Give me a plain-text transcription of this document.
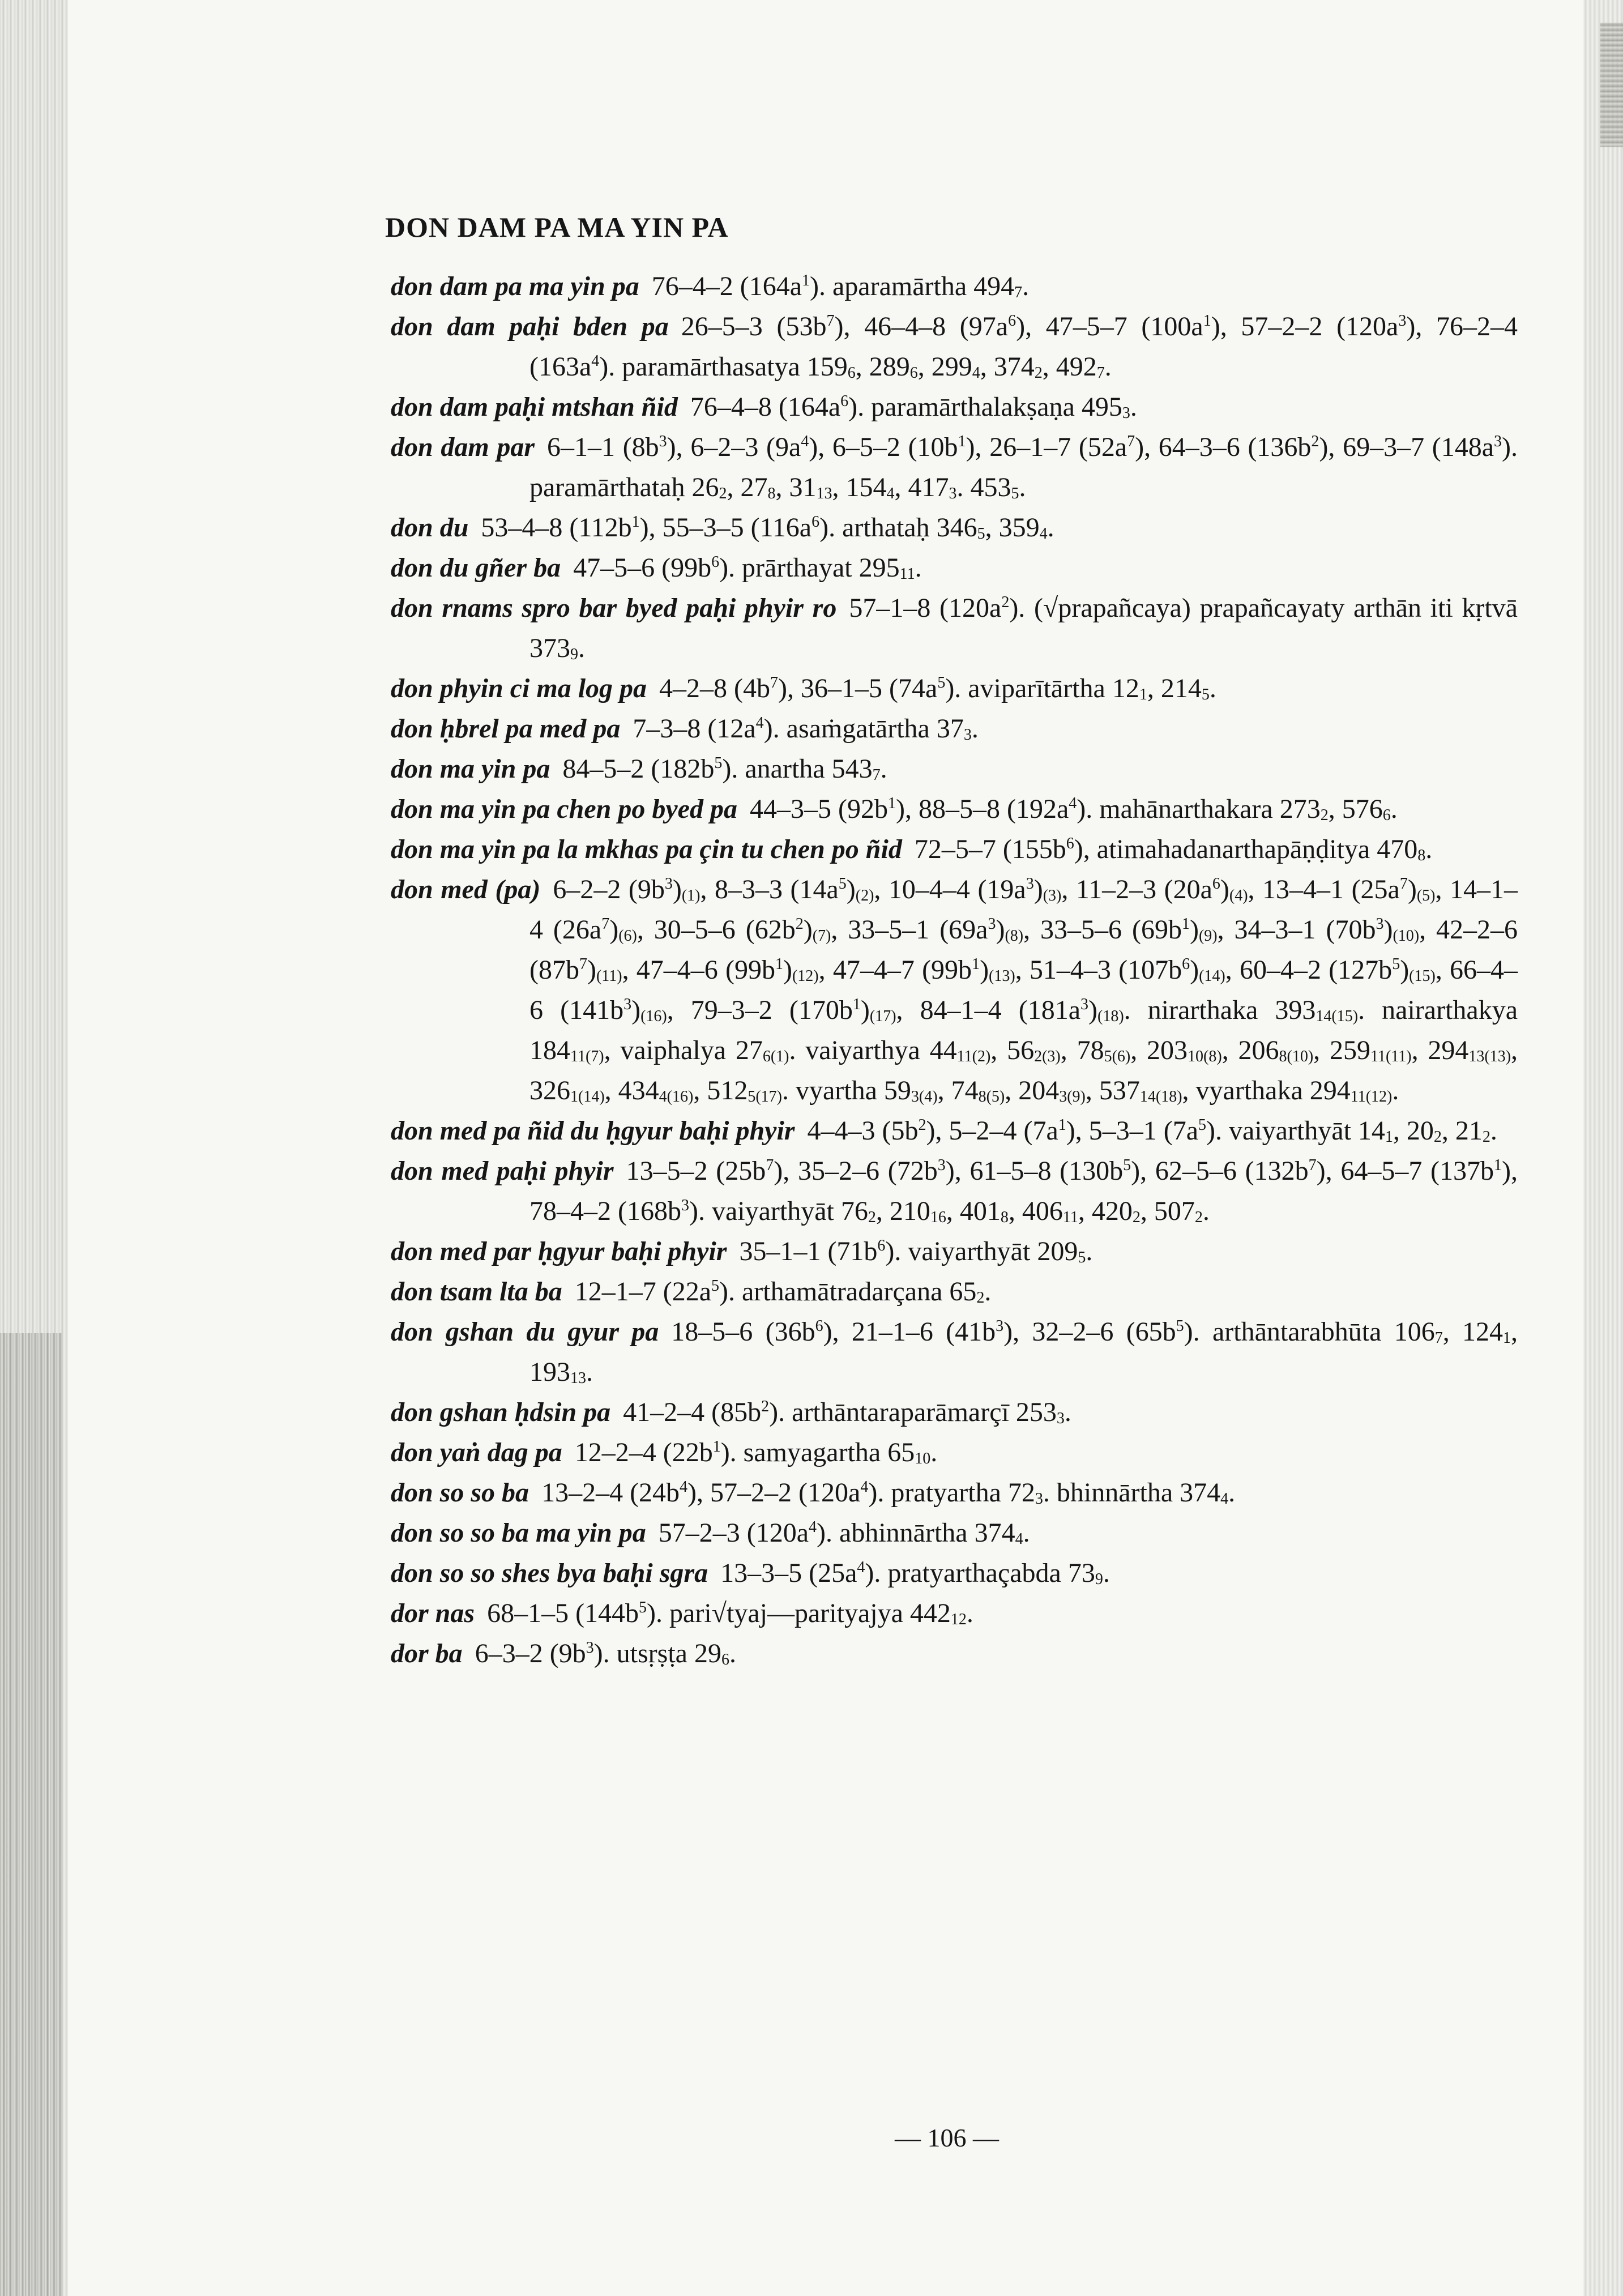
DON DAM PA MA YIN PA
don dam pa ma yin pa 76–4–2 $(164a^1)$. aparamārtha $494_7$.
don dam paḥi bden pa 26–5–3 $(53b^7)$, 46–4–8 $(97a^6)$, 47–5–7 $(100a^1)$, 57–2–2 $(120a^3)$, 76–2–4 $(163a^4)$. paramārthasatya $159_6$, $289_6$, $299_4$, $374_2$, $492_7$.
don dam paḥi mtshan ñid 76–4–8 $(164a^6)$. paramārthalakṣaṇa $495_3$.
don dam par 6–1–1 $(8b^3)$, 6–2–3 $(9a^4)$, 6–5–2 $(10b^1)$, 26–1–7 $(52a^7)$, 64–3–6 $(136b^2)$, 69–3–7 $(148a^3)$. paramārthataḥ $26_2$, $27_8$, $31_{13}$, $154_4$, $417_3$. $453_5$.
don du 53–4–8 $(112b^1)$, 55–3–5 $(116a^6)$. arthataḥ $346_5$, $359_4$.
don du gñer ba 47–5–6 $(99b^6)$. prārthayat $295_{11}$.
don rnams spro bar byed paḥi phyir ro 57–1–8 $(120a^2)$. (√prapañcaya) prapañcayaty arthān iti kṛtvā $373_9$.
don phyin ci ma log pa 4–2–8 $(4b^7)$, 36–1–5 $(74a^5)$. aviparītārtha $12_1$, $214_5$.
don ḥbrel pa med pa 7–3–8 $(12a^4)$. asaṁgatārtha $37_3$.
don ma yin pa 84–5–2 $(182b^5)$. anartha $543_7$.
don ma yin pa chen po byed pa 44–3–5 $(92b^1)$, 88–5–8 $(192a^4)$. mahānarthakara $273_2$, $576_6$.
don ma yin pa la mkhas pa çin tu chen po ñid 72–5–7 $(155b^6)$, atimahadanarthapāṇḍitya $470_8$.
don med (pa) 6–2–2 $(9b^3)_{(1)}$, 8–3–3 $(14a^5)_{(2)}$, 10–4–4 $(19a^3)_{(3)}$, 11–2–3 $(20a^6)_{(4)}$, 13–4–1 $(25a^7)_{(5)}$, 14–1–4 $(26a^7)_{(6)}$, 30–5–6 $(62b^2)_{(7)}$, 33–5–1 $(69a^3)_{(8)}$, 33–5–6 $(69b^1)_{(9)}$, 34–3–1 $(70b^3)_{(10)}$, 42–2–6 $(87b^7)_{(11)}$, 47–4–6 $(99b^1)_{(12)}$, 47–4–7 $(99b^1)_{(13)}$, 51–4–3 $(107b^6)_{(14)}$, 60–4–2 $(127b^5)_{(15)}$, 66–4–6 $(141b^3)_{(16)}$, 79–3–2 $(170b^1)_{(17)}$, 84–1–4 $(181a^3)_{(18)}$. nirarthaka $393_{14(15)}$. nairarthakya $184_{11(7)}$, vaiphalya $27_{6(1)}$. vaiyarthya $44_{11(2)}$, $56_{2(3)}$, $78_{5(6)}$, $203_{10(8)}$, $206_{8(10)}$, $259_{11(11)}$, $294_{13(13)}$, $326_{1(14)}$, $434_{4(16)}$, $512_{5(17)}$. vyartha $59_{3(4)}$, $74_{8(5)}$, $204_{3(9)}$, $537_{14(18)}$, vyarthaka $294_{11(12)}$.
don med pa ñid du ḥgyur baḥi phyir 4–4–3 $(5b^2)$, 5–2–4 $(7a^1)$, 5–3–1 $(7a^5)$. vaiyarthyāt $14_1$, $20_2$, $21_2$.
don med paḥi phyir 13–5–2 $(25b^7)$, 35–2–6 $(72b^3)$, 61–5–8 $(130b^5)$, 62–5–6 $(132b^7)$, 64–5–7 $(137b^1)$, 78–4–2 $(168b^3)$. vaiyarthyāt $76_2$, $210_{16}$, $401_8$, $406_{11}$, $420_2$, $507_2$.
don med par ḥgyur baḥi phyir 35–1–1 $(71b^6)$. vaiyarthyāt $209_5$.
don tsam lta ba 12–1–7 $(22a^5)$. arthamātradarçana $65_2$.
don gshan du gyur pa 18–5–6 $(36b^6)$, 21–1–6 $(41b^3)$, 32–2–6 $(65b^5)$. arthāntarabhūta $106_7$, $124_1$, $193_{13}$.
don gshan ḥdsin pa 41–2–4 $(85b^2)$. arthāntaraparāmarçī $253_3$.
don yaṅ dag pa 12–2–4 $(22b^1)$. samyagartha $65_{10}$.
don so so ba 13–2–4 $(24b^4)$, 57–2–2 $(120a^4)$. pratyartha $72_3$. bhinnārtha $374_4$.
don so so ba ma yin pa 57–2–3 $(120a^4)$. abhinnārtha $374_4$.
don so so shes bya baḥi sgra 13–3–5 $(25a^4)$. pratyarthaçabda $73_9$.
dor nas 68–1–5 $(144b^5)$. pari√tyaj—parityajya $442_{12}$.
dor ba 6–3–2 $(9b^3)$. utsṛṣṭa $29_6$.
— 106 —
